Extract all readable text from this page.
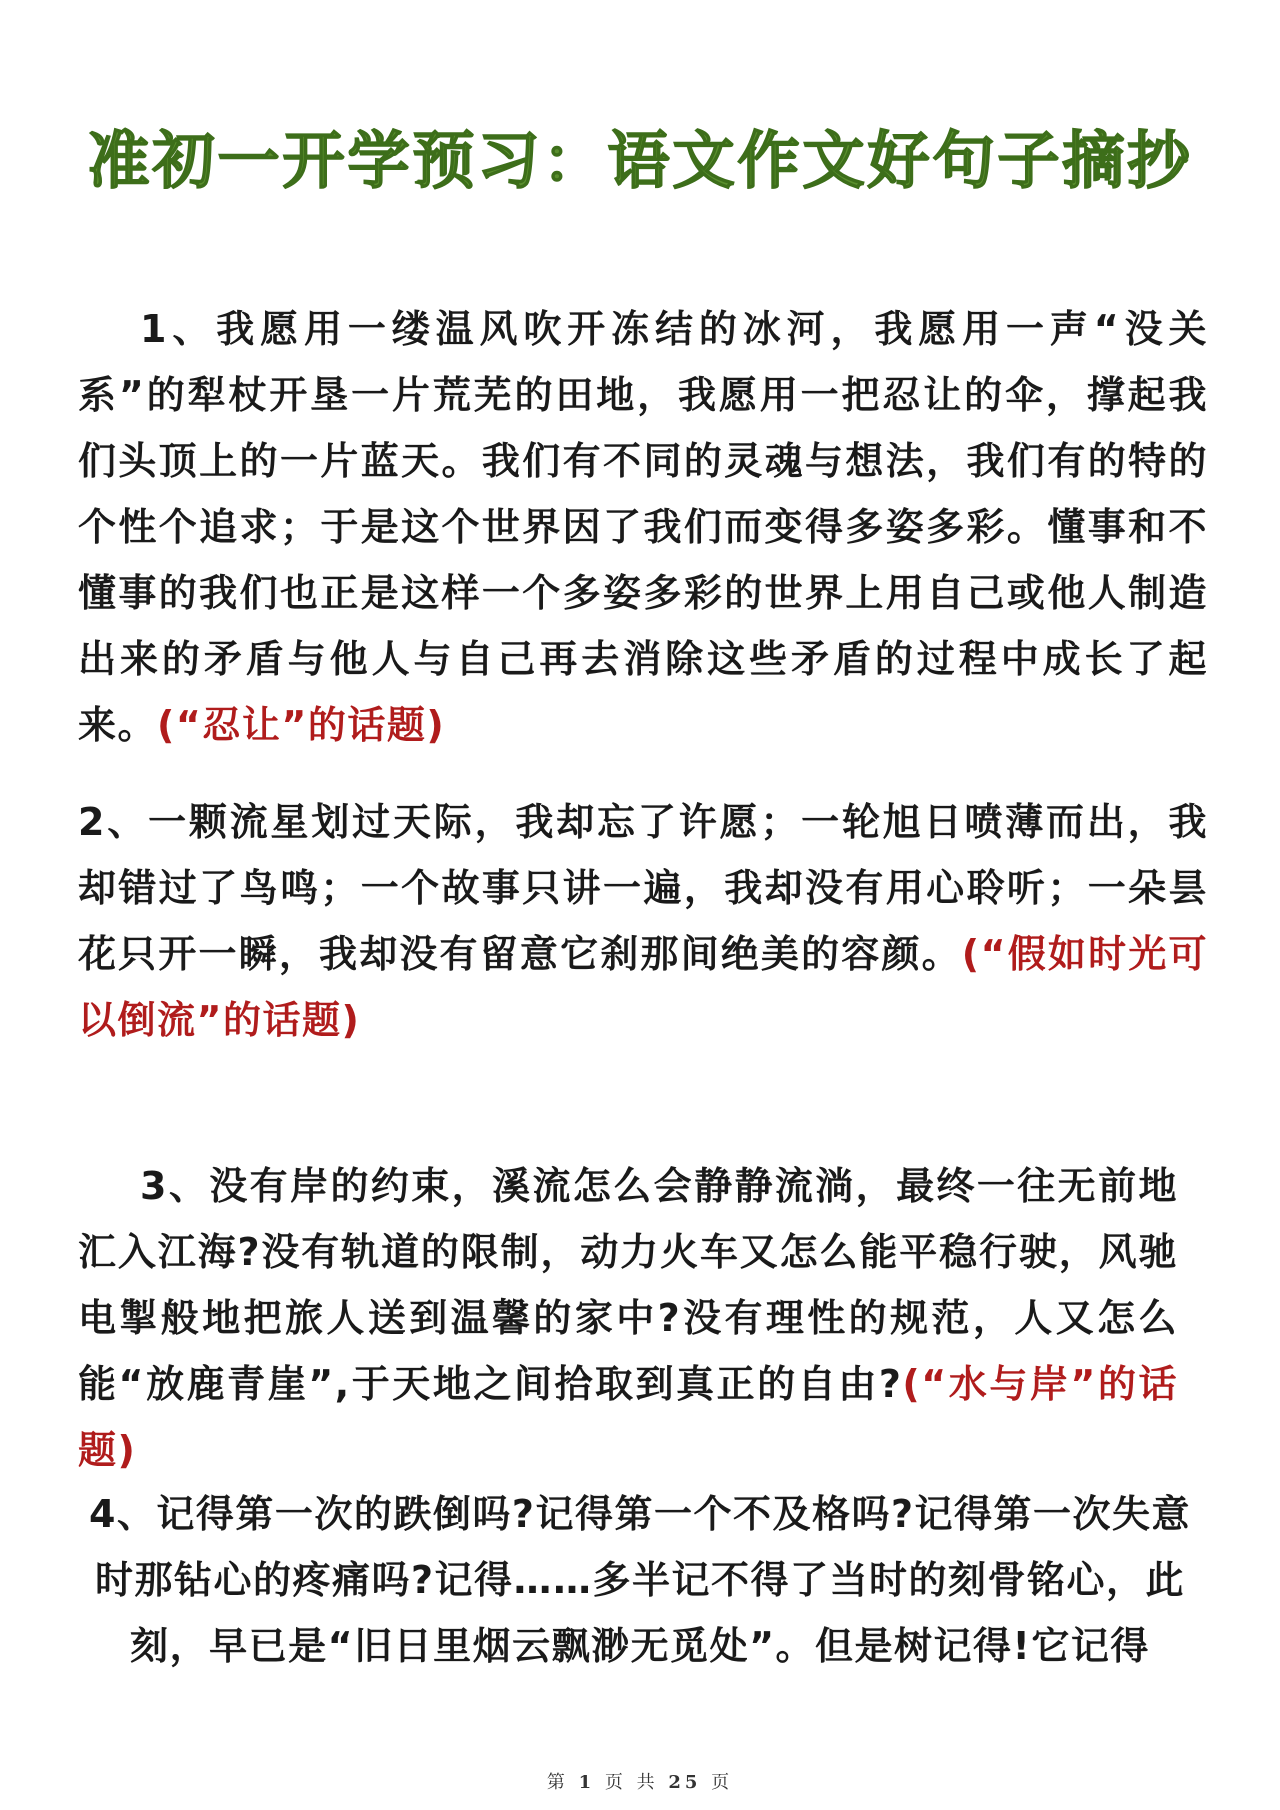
准初一开学预习：语文作文好句子摘抄

1、我愿用一缕温风吹开冻结的冰河，我愿用一声“没关系”的犁杖开垦一片荒芜的田地，我愿用一把忍让的伞，撑起我们头顶上的一片蓝天。我们有不同的灵魂与想法，我们有的特的个性个追求；于是这个世界因了我们而变得多姿多彩。懂事和不懂事的我们也正是这样一个多姿多彩的世界上用自己或他人制造出来的矛盾与他人与自己再去消除这些矛盾的过程中成长了起来。(“忍让”的话题)

2、一颗流星划过天际，我却忘了许愿；一轮旭日喷薄而出，我却错过了鸟鸣；一个故事只讲一遍，我却没有用心聆听；一朵昙花只开一瞬，我却没有留意它刹那间绝美的容颜。(“假如时光可以倒流”的话题)

3、没有岸的约束，溪流怎么会静静流淌，最终一往无前地汇入江海?没有轨道的限制，动力火车又怎么能平稳行驶，风驰电掣般地把旅人送到温馨的家中?没有理性的规范，人又怎么能“放鹿青崖”,于天地之间拾取到真正的自由?(“水与岸”的话题)

4、记得第一次的跌倒吗?记得第一个不及格吗?记得第一次失意时那钻心的疼痛吗?记得……多半记不得了当时的刻骨铭心，此刻，早已是“旧日里烟云飘渺无觅处”。但是树记得!它记得

第 1 页 共 25 页
